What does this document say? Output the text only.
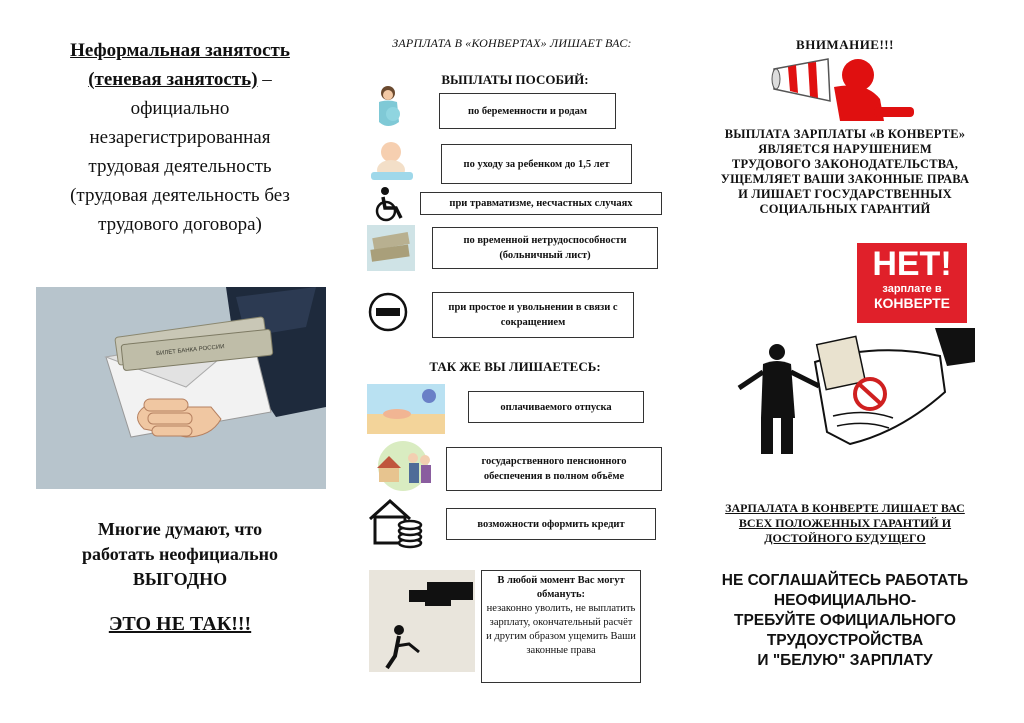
Неформальная занятость
(теневая занятость) –
официально
незарегистрированная
трудовая деятельность
(трудовая деятельность без
трудового договора)
БИЛЕТ БАНКА РОССИИ
Многие думают, что
работать неофициально
ВЫГОДНО
ЭТО НЕ ТАК!!!
ЗАРПЛАТА В «КОНВЕРТАХ» ЛИШАЕТ ВАС:
ВЫПЛАТЫ ПОСОБИЙ:
по беременности и родам
по уходу за ребенком до 1,5 лет
при травматизме, несчастных случаях
по временной нетрудоспособности (больничный лист)
при простое и увольнении в связи с сокращением
ТАК ЖЕ ВЫ ЛИШАЕТЕСЬ:
оплачиваемого отпуска
государственного пенсионного обеспечения в полном объёме
возможности оформить кредит
В любой момент Вас могут обмануть:
незаконно уволить, не выплатить зарплату, окончательный расчёт и другим образом ущемить Ваши законные права
ВНИМАНИЕ!!!
ВЫПЛАТА ЗАРПЛАТЫ «В КОНВЕРТЕ»
ЯВЛЯЕТСЯ НАРУШЕНИЕМ
ТРУДОВОГО ЗАКОНОДАТЕЛЬСТВА,
УЩЕМЛЯЕТ ВАШИ ЗАКОННЫЕ ПРАВА
И ЛИШАЕТ ГОСУДАРСТВЕННЫХ
СОЦИАЛЬНЫХ ГАРАНТИЙ
НЕТ!
зарплате в
КОНВЕРТЕ
ЗАРПАЛАТА В КОНВЕРТЕ ЛИШАЕТ ВАС
ВСЕХ ПОЛОЖЕННЫХ ГАРАНТИЙ И
ДОСТОЙНОГО БУДУЩЕГО
НЕ СОГЛАШАЙТЕСЬ РАБОТАТЬ
НЕОФИЦИАЛЬНО-
ТРЕБУЙТЕ ОФИЦИАЛЬНОГО
ТРУДОУСТРОЙСТВА
И "БЕЛУЮ" ЗАРПЛАТУ
